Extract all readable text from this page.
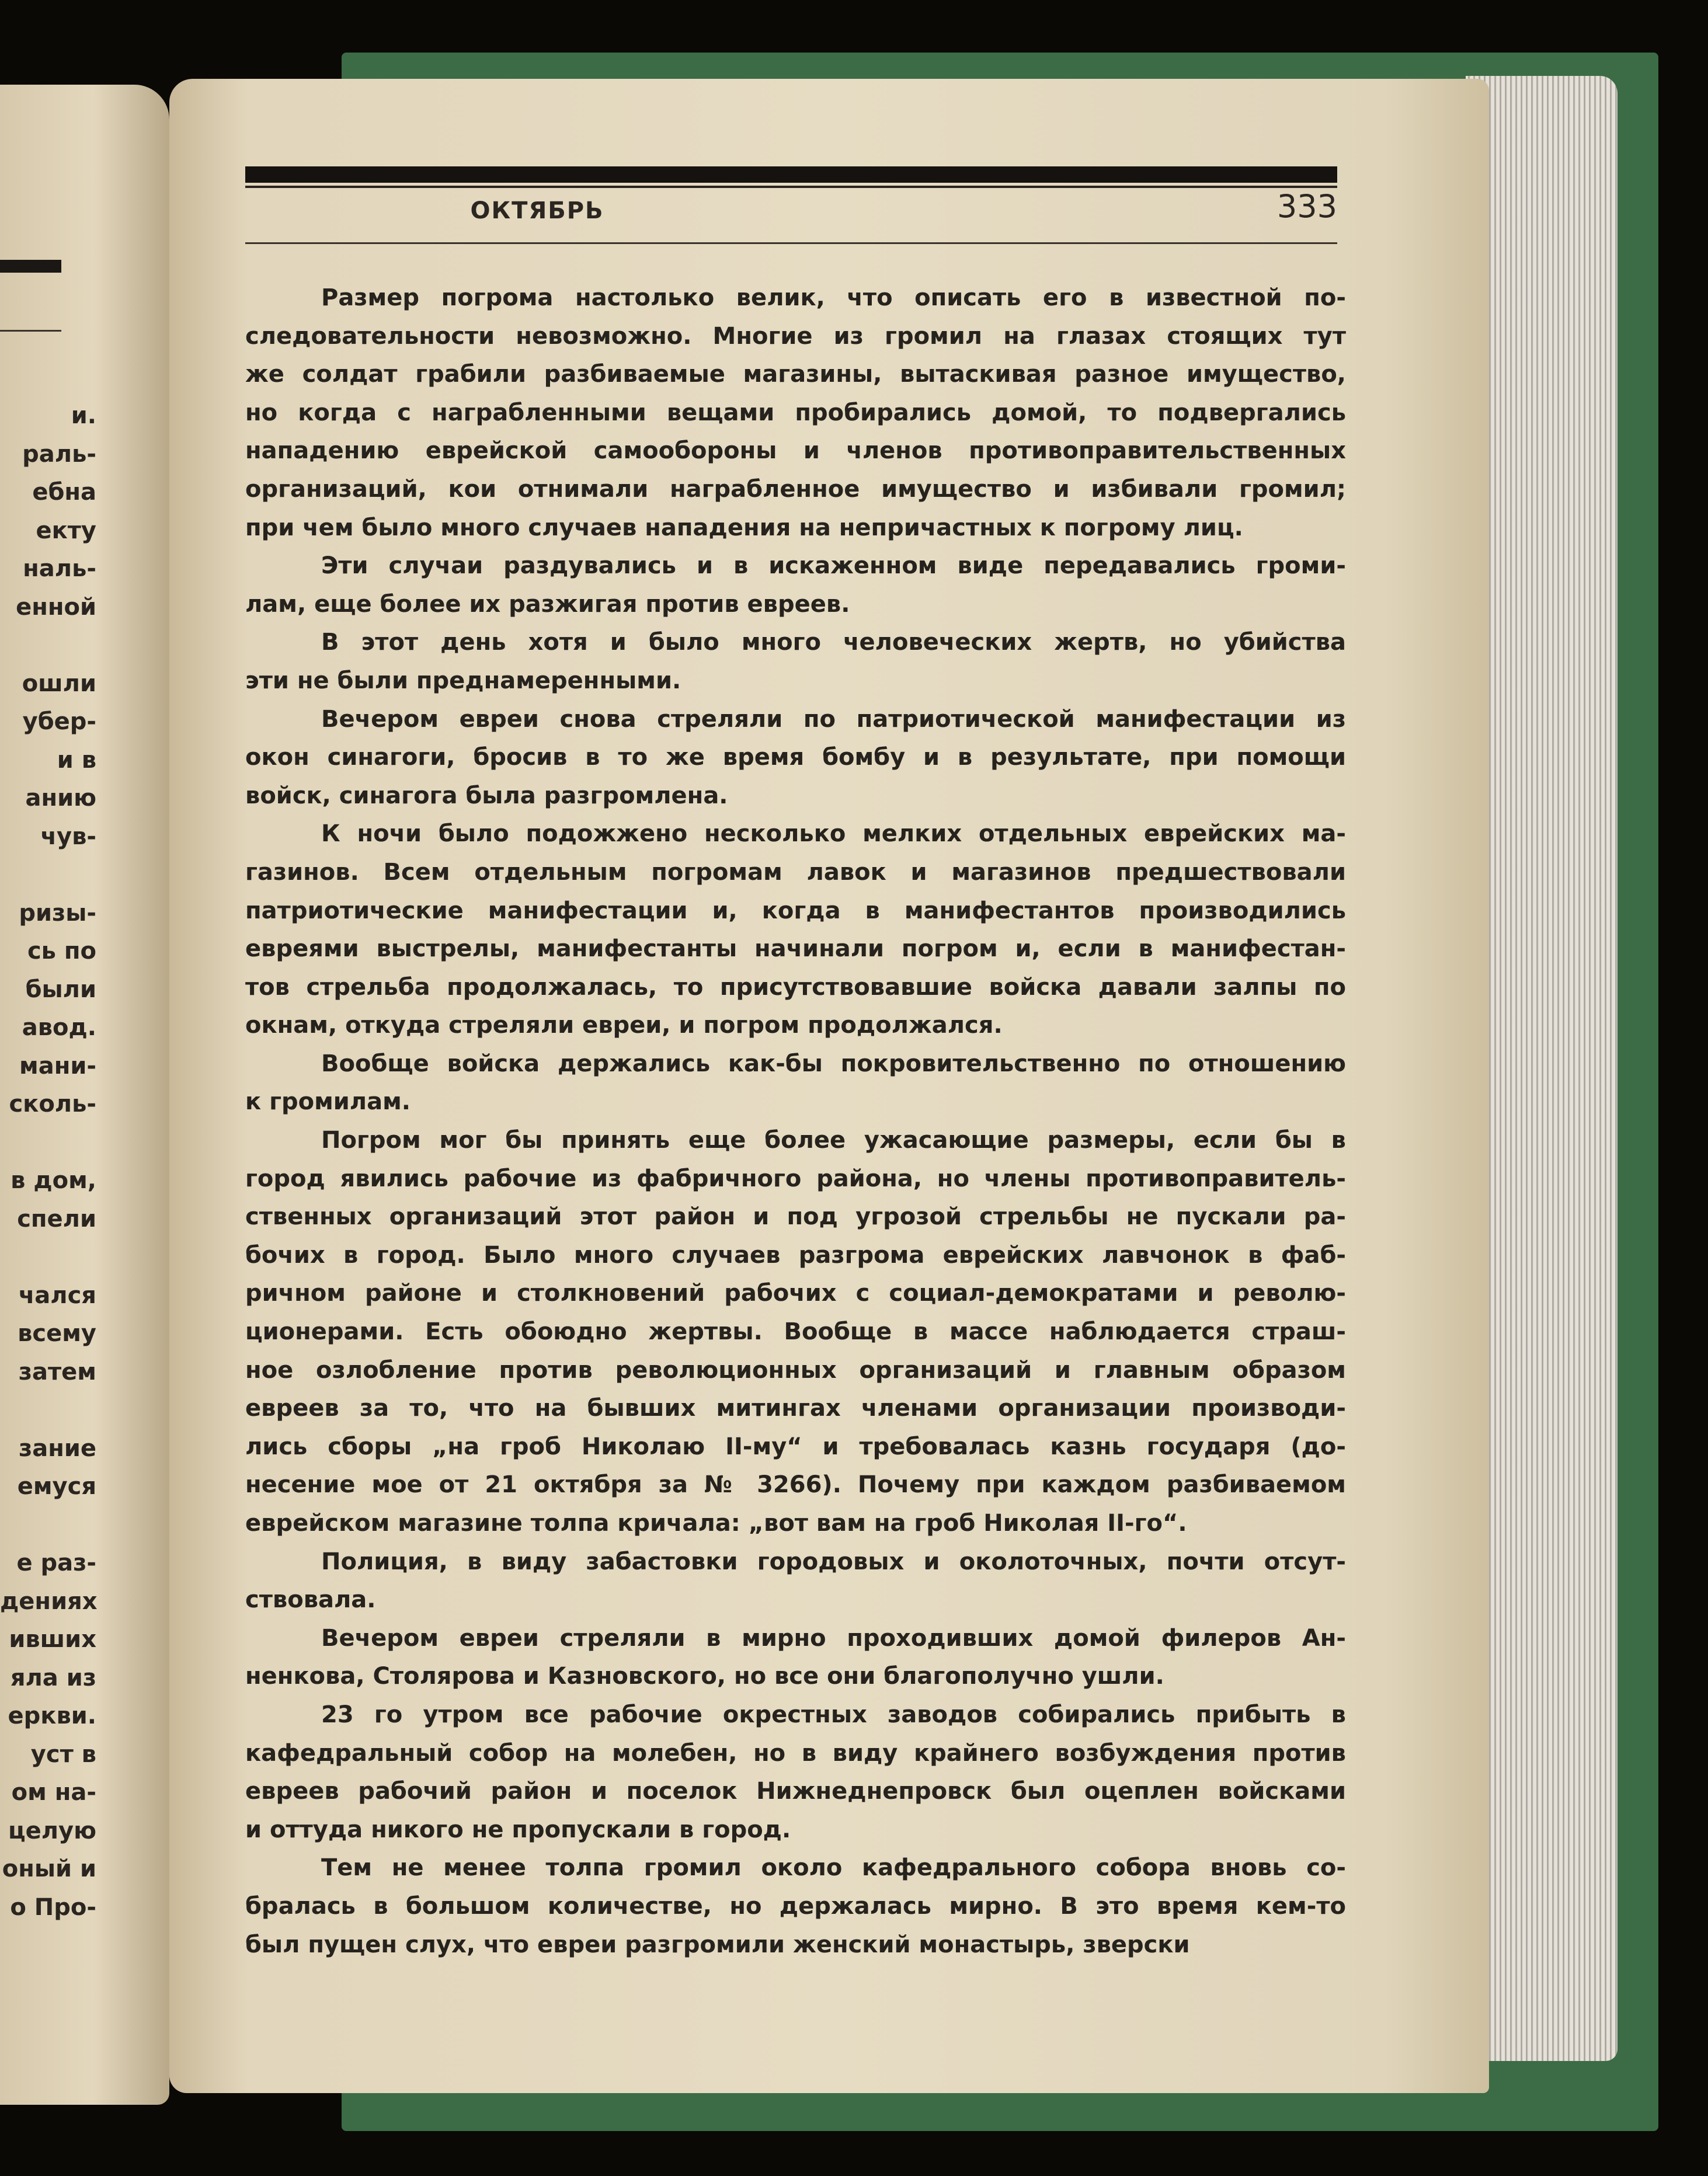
и.
раль-
ебна
екту
наль-
енной
ошли
убер-
и в
анию
чув-
ризы-
сь по
были
авод.
мани-
сколь-
в дом,
спели
чался
всему
затем
зание
емуся
е раз-
дениях
ивших
яла из
еркви.
уст в
ом на-
целую
оный и
о Про-
ОКТЯБРЬ	333
Размер погрома настолько велик, что описать его в известной по-
следовательности невозможно. Многие из громил на глазах стоящих тут
же солдат грабили разбиваемые магазины, вытаскивая разное имущество,
но когда с награбленными вещами пробирались домой, то подвергались
нападению еврейской самообороны и членов противоправительственных
организаций, кои отнимали награбленное имущество и избивали громил;
при чем было много случаев нападения на непричастных к погрому лиц.
Эти случаи раздувались и в искаженном виде передавались громи-
лам, еще более их разжигая против евреев.
В этот день хотя и было много человеческих жертв, но убийства
эти не были преднамеренными.
Вечером евреи снова стреляли по патриотической манифестации из
окон синагоги, бросив в то же время бомбу и в результате, при помощи
войск, синагога была разгромлена.
К ночи было подожжено несколько мелких отдельных еврейских ма-
газинов. Всем отдельным погромам лавок и магазинов предшествовали
патриотические манифестации и, когда в манифестантов производились
евреями выстрелы, манифестанты начинали погром и, если в манифестан-
тов стрельба продолжалась, то присутствовавшие войска давали залпы по
окнам, откуда стреляли евреи, и погром продолжался.
Вообще войска держались как-бы покровительственно по отношению
к громилам.
Погром мог бы принять еще более ужасающие размеры, если бы в
город явились рабочие из фабричного района, но члены противоправитель-
ственных организаций этот район и под угрозой стрельбы не пускали ра-
бочих в город. Было много случаев разгрома еврейских лавчонок в фаб-
ричном районе и столкновений рабочих с социал-демократами и револю-
ционерами. Есть обоюдно жертвы. Вообще в массе наблюдается страш-
ное озлобление против революционных организаций и главным образом
евреев за то, что на бывших митингах членами организации производи-
лись сборы „на гроб Николаю II-му“ и требовалась казнь государя (до-
несение мое от 21 октября за № 3266). Почему при каждом разбиваемом
еврейском магазине толпа кричала: „вот вам на гроб Николая II-го“.
Полиция, в виду забастовки городовых и околоточных, почти отсут-
ствовала.
Вечером евреи стреляли в мирно проходивших домой филеров Ан-
ненкова, Столярова и Казновского, но все они благополучно ушли.
23 го утром все рабочие окрестных заводов собирались прибыть в
кафедральный собор на молебен, но в виду крайнего возбуждения против
евреев рабочий район и поселок Нижнеднепровск был оцеплен войсками
и оттуда никого не пропускали в город.
Тем не менее толпа громил около кафедрального собора вновь со-
бралась в большом количестве, но держалась мирно. В это время кем-то
был пущен слух, что евреи разгромили женский монастырь, зверски
